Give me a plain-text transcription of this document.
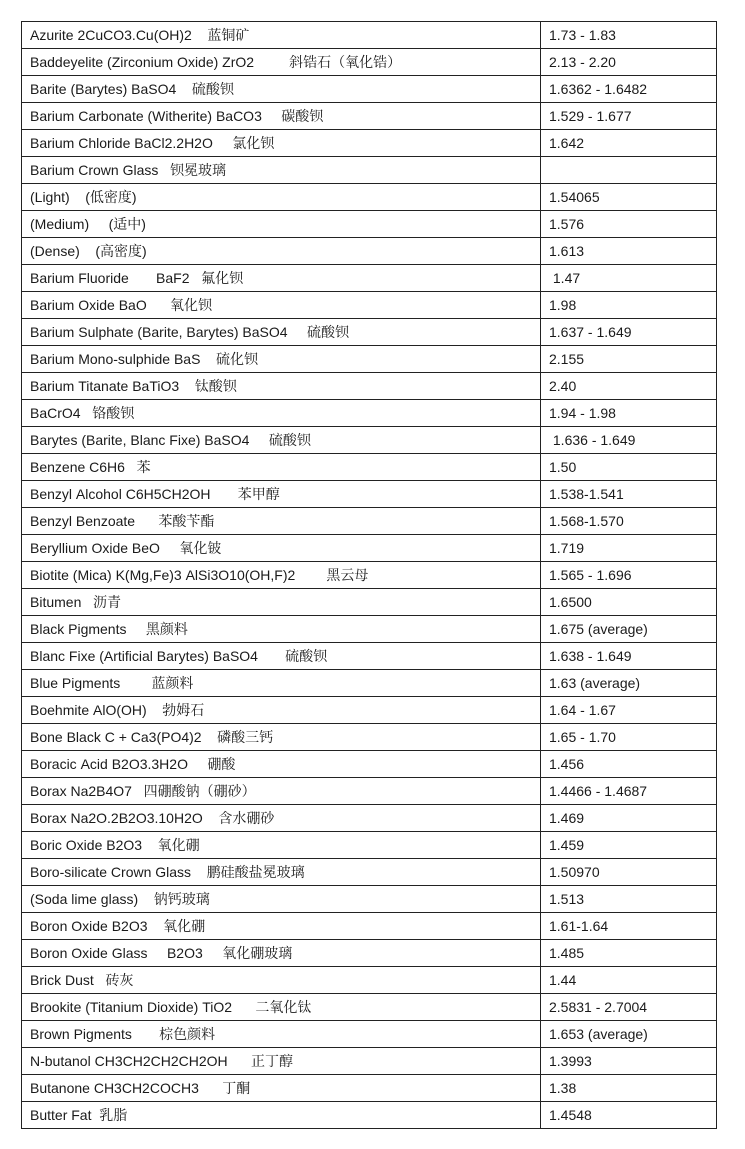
Azurite 2CuCO3.Cu(OH)2    蓝铜矿	1.73 - 1.83
Baddeyelite (Zirconium Oxide) ZrO2         斜锆石（氧化锆）	2.13 - 2.20
Barite (Barytes) BaSO4    硫酸钡	1.6362 - 1.6482
Barium Carbonate (Witherite) BaCO3     碳酸钡	1.529 - 1.677
Barium Chloride BaCl2.2H2O     氯化钡	1.642
Barium Crown Glass   钡冕玻璃	
(Light)    (低密度)	1.54065
(Medium)     (适中)	1.576
(Dense)    (高密度)	1.613
Barium Fluoride       BaF2   氟化钡	1.47
Barium Oxide BaO      氧化钡	1.98
Barium Sulphate (Barite, Barytes) BaSO4     硫酸钡	1.637 - 1.649
Barium Mono-sulphide BaS    硫化钡	2.155
Barium Titanate BaTiO3    钛酸钡	2.40
BaCrO4   铬酸钡	1.94 - 1.98
Barytes (Barite, Blanc Fixe) BaSO4     硫酸钡	1.636 - 1.649
Benzene C6H6   苯	1.50
Benzyl Alcohol C6H5CH2OH       苯甲醇	1.538-1.541
Benzyl Benzoate      苯酸苄酯	1.568-1.570
Beryllium Oxide BeO     氧化铍	1.719
Biotite (Mica) K(Mg,Fe)3 AlSi3O10(OH,F)2        黑云母	1.565 - 1.696
Bitumen   沥青	1.6500
Black Pigments     黑颜料	1.675 (average)
Blanc Fixe (Artificial Barytes) BaSO4       硫酸钡	1.638 - 1.649
Blue Pigments        蓝颜料	1.63 (average)
Boehmite AlO(OH)    勃姆石	1.64 - 1.67
Bone Black C + Ca3(PO4)2    磷酸三钙	1.65 - 1.70
Boracic Acid B2O3.3H2O     硼酸	1.456
Borax Na2B4O7   四硼酸钠（硼砂）	1.4466 - 1.4687
Borax Na2O.2B2O3.10H2O    含水硼砂	1.469
Boric Oxide B2O3    氧化硼	1.459
Boro-silicate Crown Glass    鹏硅酸盐冕玻璃	1.50970
(Soda lime glass)    钠钙玻璃	1.513
Boron Oxide B2O3    氧化硼	1.61-1.64
Boron Oxide Glass     B2O3     氧化硼玻璃	1.485
Brick Dust   砖灰	1.44
Brookite (Titanium Dioxide) TiO2      二氧化钛	2.5831 - 2.7004
Brown Pigments       棕色颜料	1.653 (average)
N-butanol CH3CH2CH2CH2OH      正丁醇	1.3993
Butanone CH3CH2COCH3      丁酮	1.38
Butter Fat  乳脂	1.4548
